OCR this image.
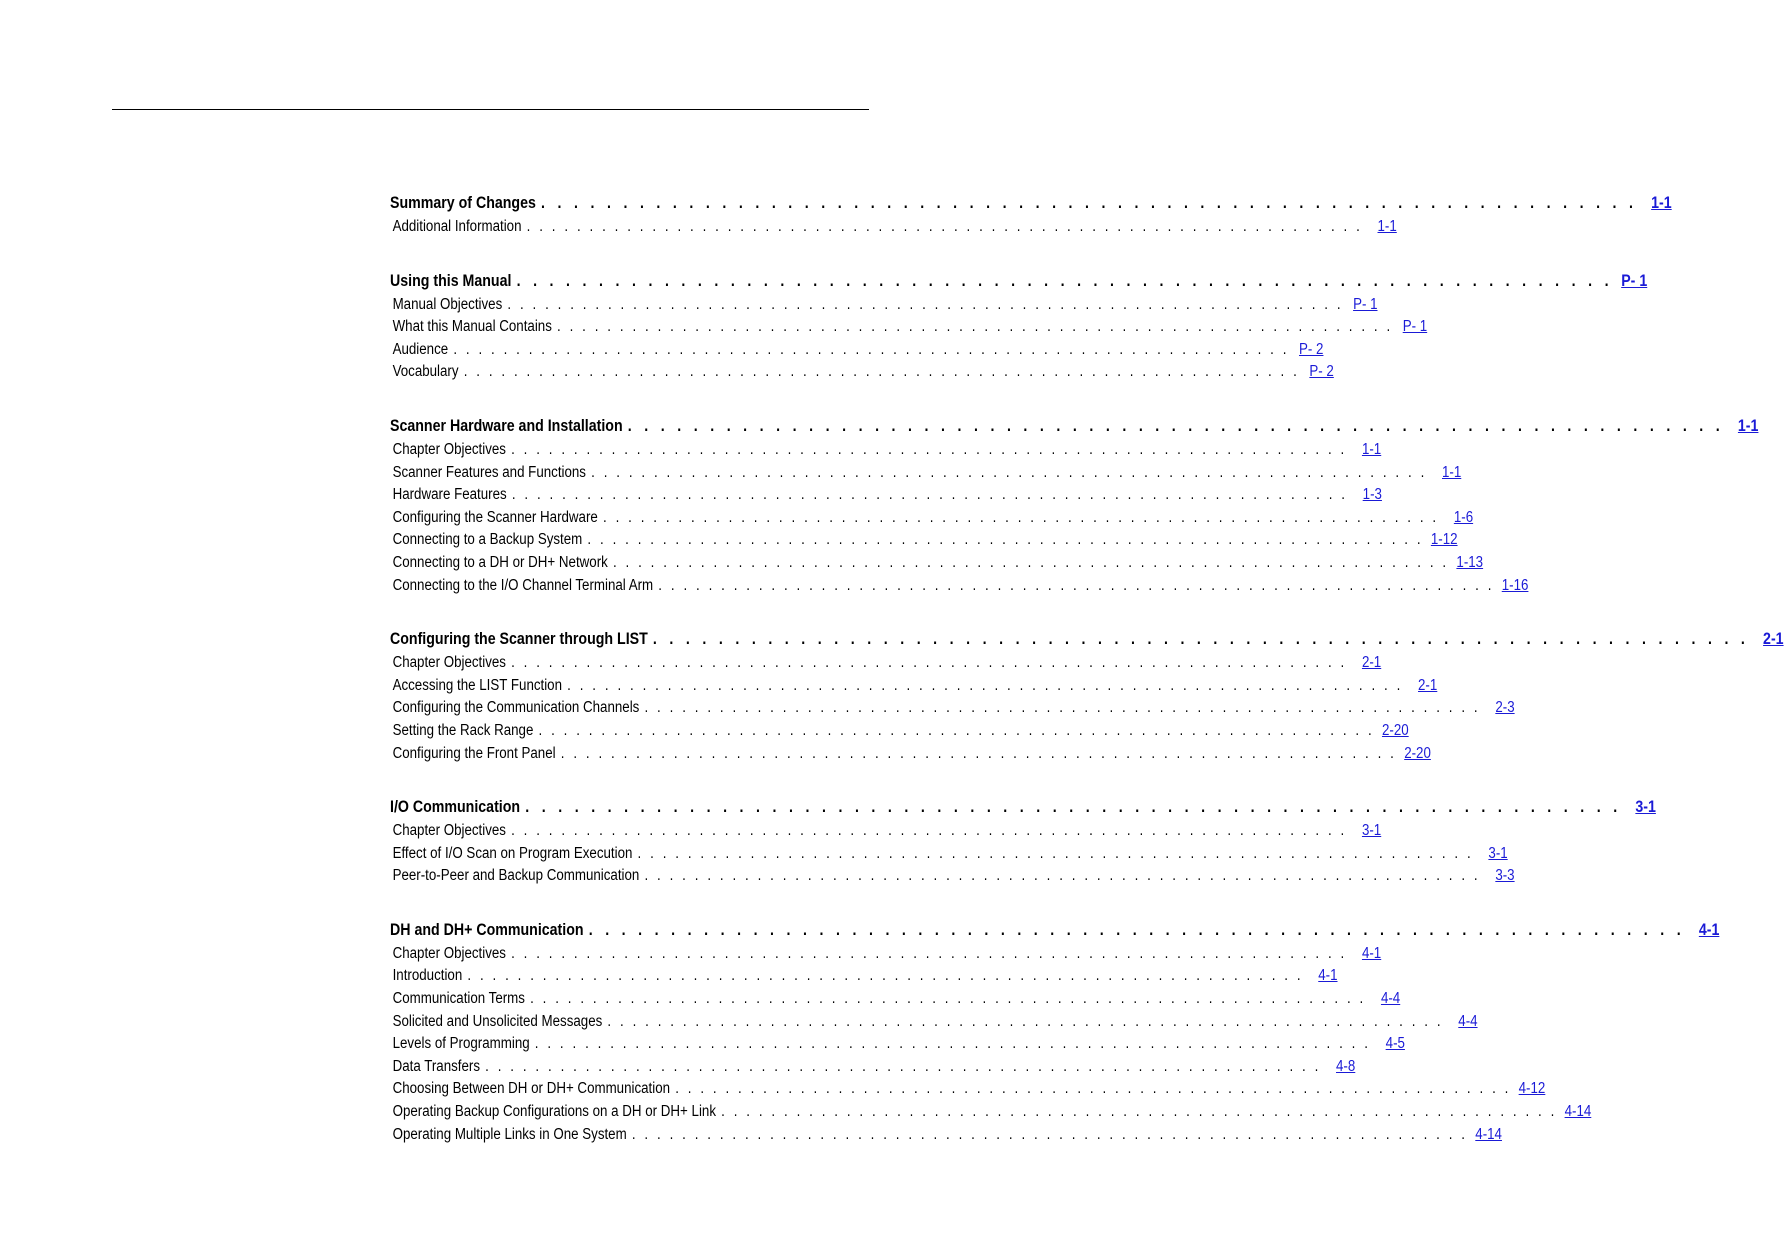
Summary of Changes . . . . . . . . . . . . . . . . . . . . . . . . . . . . . . . . . . . . . . . . . . . . . . . . . . . . . . . . . . . . . . . . . . . 1-1
Additional Information . . . . . . . . . . . . . . . . . . . . . . . . . . . . . . . . . . . . . . . . . . . . . . . . . . . . . . . . . . . . . . . . . . . 1-1
Using this Manual . . . . . . . . . . . . . . . . . . . . . . . . . . . . . . . . . . . . . . . . . . . . . . . . . . . . . . . . . . . . . . . . . . . P- 1
Manual Objectives . . . . . . . . . . . . . . . . . . . . . . . . . . . . . . . . . . . . . . . . . . . . . . . . . . . . . . . . . . . . . . . . . . . P- 1
What this Manual Contains . . . . . . . . . . . . . . . . . . . . . . . . . . . . . . . . . . . . . . . . . . . . . . . . . . . . . . . . . . . . . . . . . . . P- 1
Audience . . . . . . . . . . . . . . . . . . . . . . . . . . . . . . . . . . . . . . . . . . . . . . . . . . . . . . . . . . . . . . . . . . . P- 2
Vocabulary . . . . . . . . . . . . . . . . . . . . . . . . . . . . . . . . . . . . . . . . . . . . . . . . . . . . . . . . . . . . . . . . . . . P- 2
Scanner Hardware and Installation . . . . . . . . . . . . . . . . . . . . . . . . . . . . . . . . . . . . . . . . . . . . . . . . . . . . . . . . . . . . . . . . . . . 1-1
Chapter Objectives . . . . . . . . . . . . . . . . . . . . . . . . . . . . . . . . . . . . . . . . . . . . . . . . . . . . . . . . . . . . . . . . . . . 1-1
Scanner Features and Functions . . . . . . . . . . . . . . . . . . . . . . . . . . . . . . . . . . . . . . . . . . . . . . . . . . . . . . . . . . . . . . . . . . . 1-1
Hardware Features . . . . . . . . . . . . . . . . . . . . . . . . . . . . . . . . . . . . . . . . . . . . . . . . . . . . . . . . . . . . . . . . . . . 1-3
Configuring the Scanner Hardware . . . . . . . . . . . . . . . . . . . . . . . . . . . . . . . . . . . . . . . . . . . . . . . . . . . . . . . . . . . . . . . . . . . 1-6
Connecting to a Backup System . . . . . . . . . . . . . . . . . . . . . . . . . . . . . . . . . . . . . . . . . . . . . . . . . . . . . . . . . . . . . . . . . . . 1-12
Connecting to a DH or DH+ Network . . . . . . . . . . . . . . . . . . . . . . . . . . . . . . . . . . . . . . . . . . . . . . . . . . . . . . . . . . . . . . . . . . . 1-13
Connecting to the I/O Channel Terminal Arm . . . . . . . . . . . . . . . . . . . . . . . . . . . . . . . . . . . . . . . . . . . . . . . . . . . . . . . . . . . . . . . . . . . 1-16
Configuring the Scanner through LIST . . . . . . . . . . . . . . . . . . . . . . . . . . . . . . . . . . . . . . . . . . . . . . . . . . . . . . . . . . . . . . . . . . . 2-1
Chapter Objectives . . . . . . . . . . . . . . . . . . . . . . . . . . . . . . . . . . . . . . . . . . . . . . . . . . . . . . . . . . . . . . . . . . . 2-1
Accessing the LIST Function . . . . . . . . . . . . . . . . . . . . . . . . . . . . . . . . . . . . . . . . . . . . . . . . . . . . . . . . . . . . . . . . . . . 2-1
Configuring the Communication Channels . . . . . . . . . . . . . . . . . . . . . . . . . . . . . . . . . . . . . . . . . . . . . . . . . . . . . . . . . . . . . . . . . . . 2-3
Setting the Rack Range . . . . . . . . . . . . . . . . . . . . . . . . . . . . . . . . . . . . . . . . . . . . . . . . . . . . . . . . . . . . . . . . . . . 2-20
Configuring the Front Panel . . . . . . . . . . . . . . . . . . . . . . . . . . . . . . . . . . . . . . . . . . . . . . . . . . . . . . . . . . . . . . . . . . . 2-20
I/O Communication . . . . . . . . . . . . . . . . . . . . . . . . . . . . . . . . . . . . . . . . . . . . . . . . . . . . . . . . . . . . . . . . . . . 3-1
Chapter Objectives . . . . . . . . . . . . . . . . . . . . . . . . . . . . . . . . . . . . . . . . . . . . . . . . . . . . . . . . . . . . . . . . . . . 3-1
Effect of I/O Scan on Program Execution . . . . . . . . . . . . . . . . . . . . . . . . . . . . . . . . . . . . . . . . . . . . . . . . . . . . . . . . . . . . . . . . . . . 3-1
Peer-to-Peer and Backup Communication . . . . . . . . . . . . . . . . . . . . . . . . . . . . . . . . . . . . . . . . . . . . . . . . . . . . . . . . . . . . . . . . . . . 3-3
DH and DH+ Communication . . . . . . . . . . . . . . . . . . . . . . . . . . . . . . . . . . . . . . . . . . . . . . . . . . . . . . . . . . . . . . . . . . . 4-1
Chapter Objectives . . . . . . . . . . . . . . . . . . . . . . . . . . . . . . . . . . . . . . . . . . . . . . . . . . . . . . . . . . . . . . . . . . . 4-1
Introduction . . . . . . . . . . . . . . . . . . . . . . . . . . . . . . . . . . . . . . . . . . . . . . . . . . . . . . . . . . . . . . . . . . . 4-1
Communication Terms . . . . . . . . . . . . . . . . . . . . . . . . . . . . . . . . . . . . . . . . . . . . . . . . . . . . . . . . . . . . . . . . . . . 4-4
Solicited and Unsolicited Messages . . . . . . . . . . . . . . . . . . . . . . . . . . . . . . . . . . . . . . . . . . . . . . . . . . . . . . . . . . . . . . . . . . . 4-4
Levels of Programming . . . . . . . . . . . . . . . . . . . . . . . . . . . . . . . . . . . . . . . . . . . . . . . . . . . . . . . . . . . . . . . . . . . 4-5
Data Transfers . . . . . . . . . . . . . . . . . . . . . . . . . . . . . . . . . . . . . . . . . . . . . . . . . . . . . . . . . . . . . . . . . . . 4-8
Choosing Between DH or DH+ Communication . . . . . . . . . . . . . . . . . . . . . . . . . . . . . . . . . . . . . . . . . . . . . . . . . . . . . . . . . . . . . . . . . . . 4-12
Operating Backup Configurations on a DH or DH+ Link . . . . . . . . . . . . . . . . . . . . . . . . . . . . . . . . . . . . . . . . . . . . . . . . . . . . . . . . . . . . . . . . . . . 4-14
Operating Multiple Links in One System . . . . . . . . . . . . . . . . . . . . . . . . . . . . . . . . . . . . . . . . . . . . . . . . . . . . . . . . . . . . . . . . . . . 4-14
